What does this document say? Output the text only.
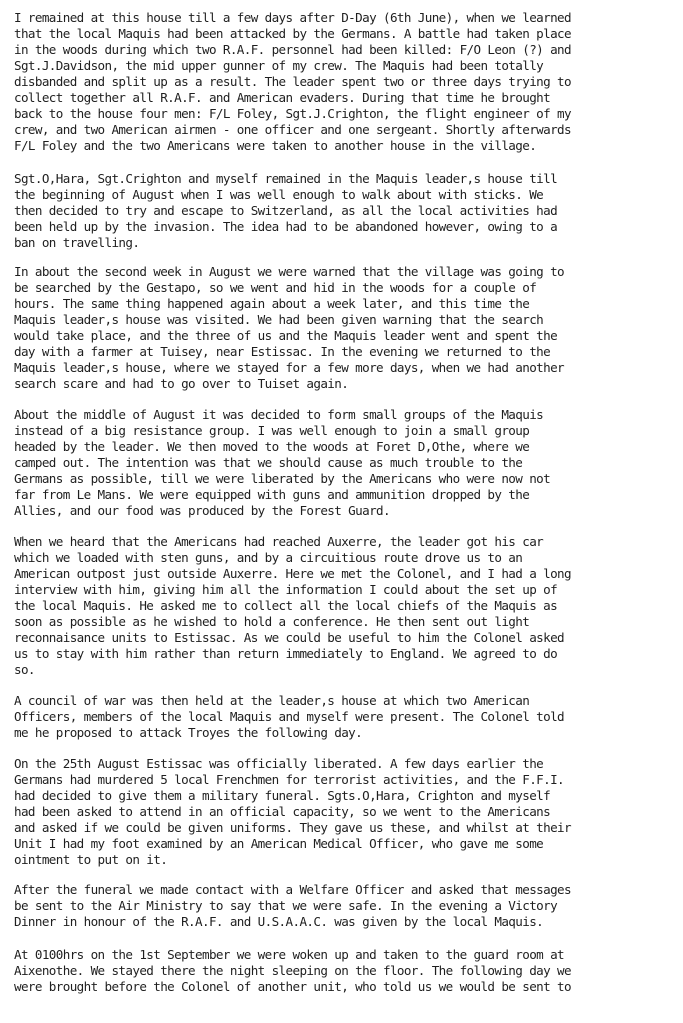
I remained at this house till a few days after D-Day (6th June), when we learned
that the local Maquis had been attacked by the Germans. A battle had taken place
in the woods during which two R.A.F. personnel had been killed: F/O Leon (?) and
Sgt.J.Davidson, the mid upper gunner of my crew. The Maquis had been totally
disbanded and split up as a result. The leader spent two or three days trying to
collect together all R.A.F. and American evaders. During that time he brought
back to the house four men: F/L Foley, Sgt.J.Crighton, the flight engineer of my
crew, and two American airmen - one officer and one sergeant. Shortly afterwards
F/L Foley and the two Americans were taken to another house in the village.
Sgt.O,Hara, Sgt.Crighton and myself remained in the Maquis leader,s house till
the beginning of August when I was well enough to walk about with sticks. We
then decided to try and escape to Switzerland, as all the local activities had
been held up by the invasion. The idea had to be abandoned however, owing to a
ban on travelling.
In about the second week in August we were warned that the village was going to
be searched by the Gestapo, so we went and hid in the woods for a couple of
hours. The same thing happened again about a week later, and this time the
Maquis leader,s house was visited. We had been given warning that the search
would take place, and the three of us and the Maquis leader went and spent the
day with a farmer at Tuisey, near Estissac. In the evening we returned to the
Maquis leader,s house, where we stayed for a few more days, when we had another
search scare and had to go over to Tuiset again.
About the middle of August it was decided to form small groups of the Maquis
instead of a big resistance group. I was well enough to join a small group
headed by the leader. We then moved to the woods at Foret D,Othe, where we
camped out. The intention was that we should cause as much trouble to the
Germans as possible, till we were liberated by the Americans who were now not
far from Le Mans. We were equipped with guns and ammunition dropped by the
Allies, and our food was produced by the Forest Guard.
When we heard that the Americans had reached Auxerre, the leader got his car
which we loaded with sten guns, and by a circuitious route drove us to an
American outpost just outside Auxerre. Here we met the Colonel, and I had a long
interview with him, giving him all the information I could about the set up of
the local Maquis. He asked me to collect all the local chiefs of the Maquis as
soon as possible as he wished to hold a conference. He then sent out light
reconnaisance units to Estissac. As we could be useful to him the Colonel asked
us to stay with him rather than return immediately to England. We agreed to do
so.
A council of war was then held at the leader,s house at which two American
Officers, members of the local Maquis and myself were present. The Colonel told
me he proposed to attack Troyes the following day.
On the 25th August Estissac was officially liberated. A few days earlier the
Germans had murdered 5 local Frenchmen for terrorist activities, and the F.F.I.
had decided to give them a military funeral. Sgts.O,Hara, Crighton and myself
had been asked to attend in an official capacity, so we went to the Americans
and asked if we could be given uniforms. They gave us these, and whilst at their
Unit I had my foot examined by an American Medical Officer, who gave me some
ointment to put on it.
After the funeral we made contact with a Welfare Officer and asked that messages
be sent to the Air Ministry to say that we were safe. In the evening a Victory
Dinner in honour of the R.A.F. and U.S.A.A.C. was given by the local Maquis.
At 0100hrs on the 1st September we were woken up and taken to the guard room at
Aixenothe. We stayed there the night sleeping on the floor. The following day we
were brought before the Colonel of another unit, who told us we would be sent to
